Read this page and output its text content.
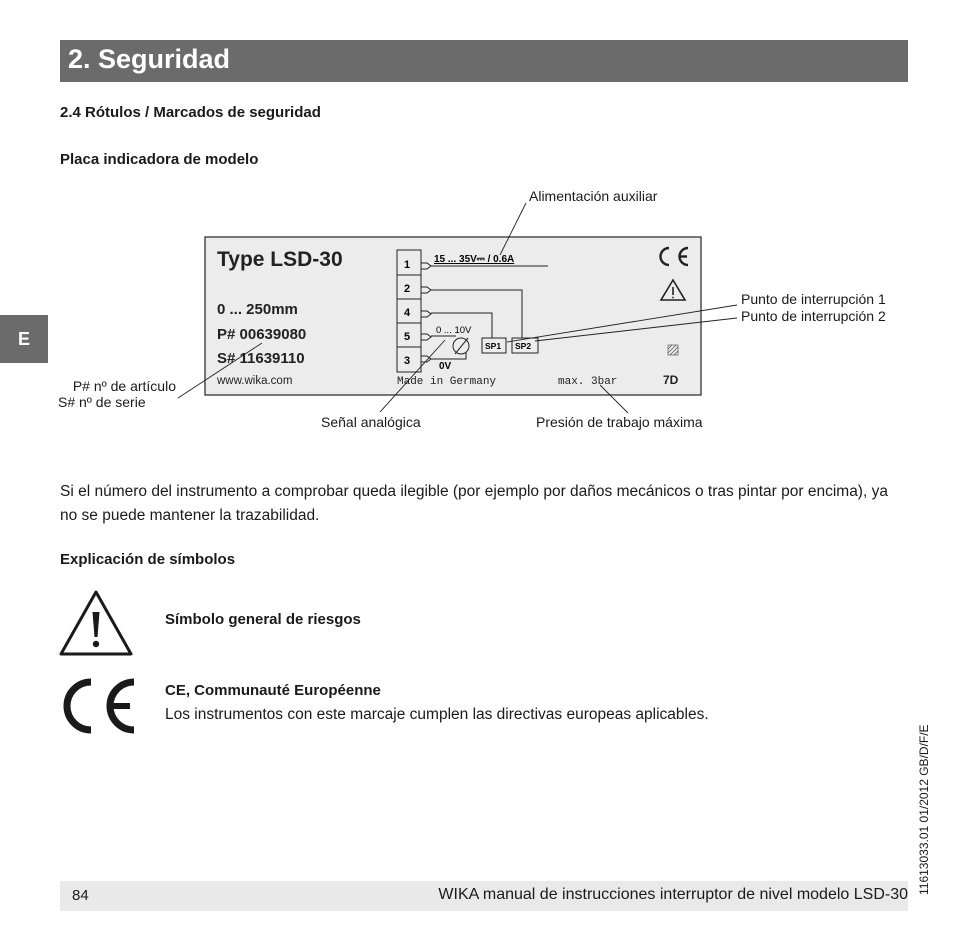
2. Seguridad
E
2.4 Rótulos / Marcados de seguridad
Placa indicadora de modelo
Type LSD-30
0 ... 250mm
P# 00639080
S# 11639110
www.wika.com	Made in Germany	max. 3bar	7D
1
2
4
5
3
15 ... 35V⎓ / 0.6A
0 ... 10V
0V
SP1 SP2
Alimentación auxiliar
Punto de interrupción 1
Punto de interrupción 2
P# nº de artículo
S# nº de serie
Señal analógica	Presión de trabajo máxima
Si el número del instrumento a comprobar queda ilegible (por ejemplo por daños mecánicos o tras pintar por encima), ya no se puede mantener la trazabilidad.
Explicación de símbolos
Símbolo general de riesgos
CE, Communauté Européenne
Los instrumentos con este marcaje cumplen las directivas europeas aplicables.
11613033.01 01/2012 GB/D/F/E
84	WIKA manual de instrucciones interruptor de nivel modelo LSD-30
